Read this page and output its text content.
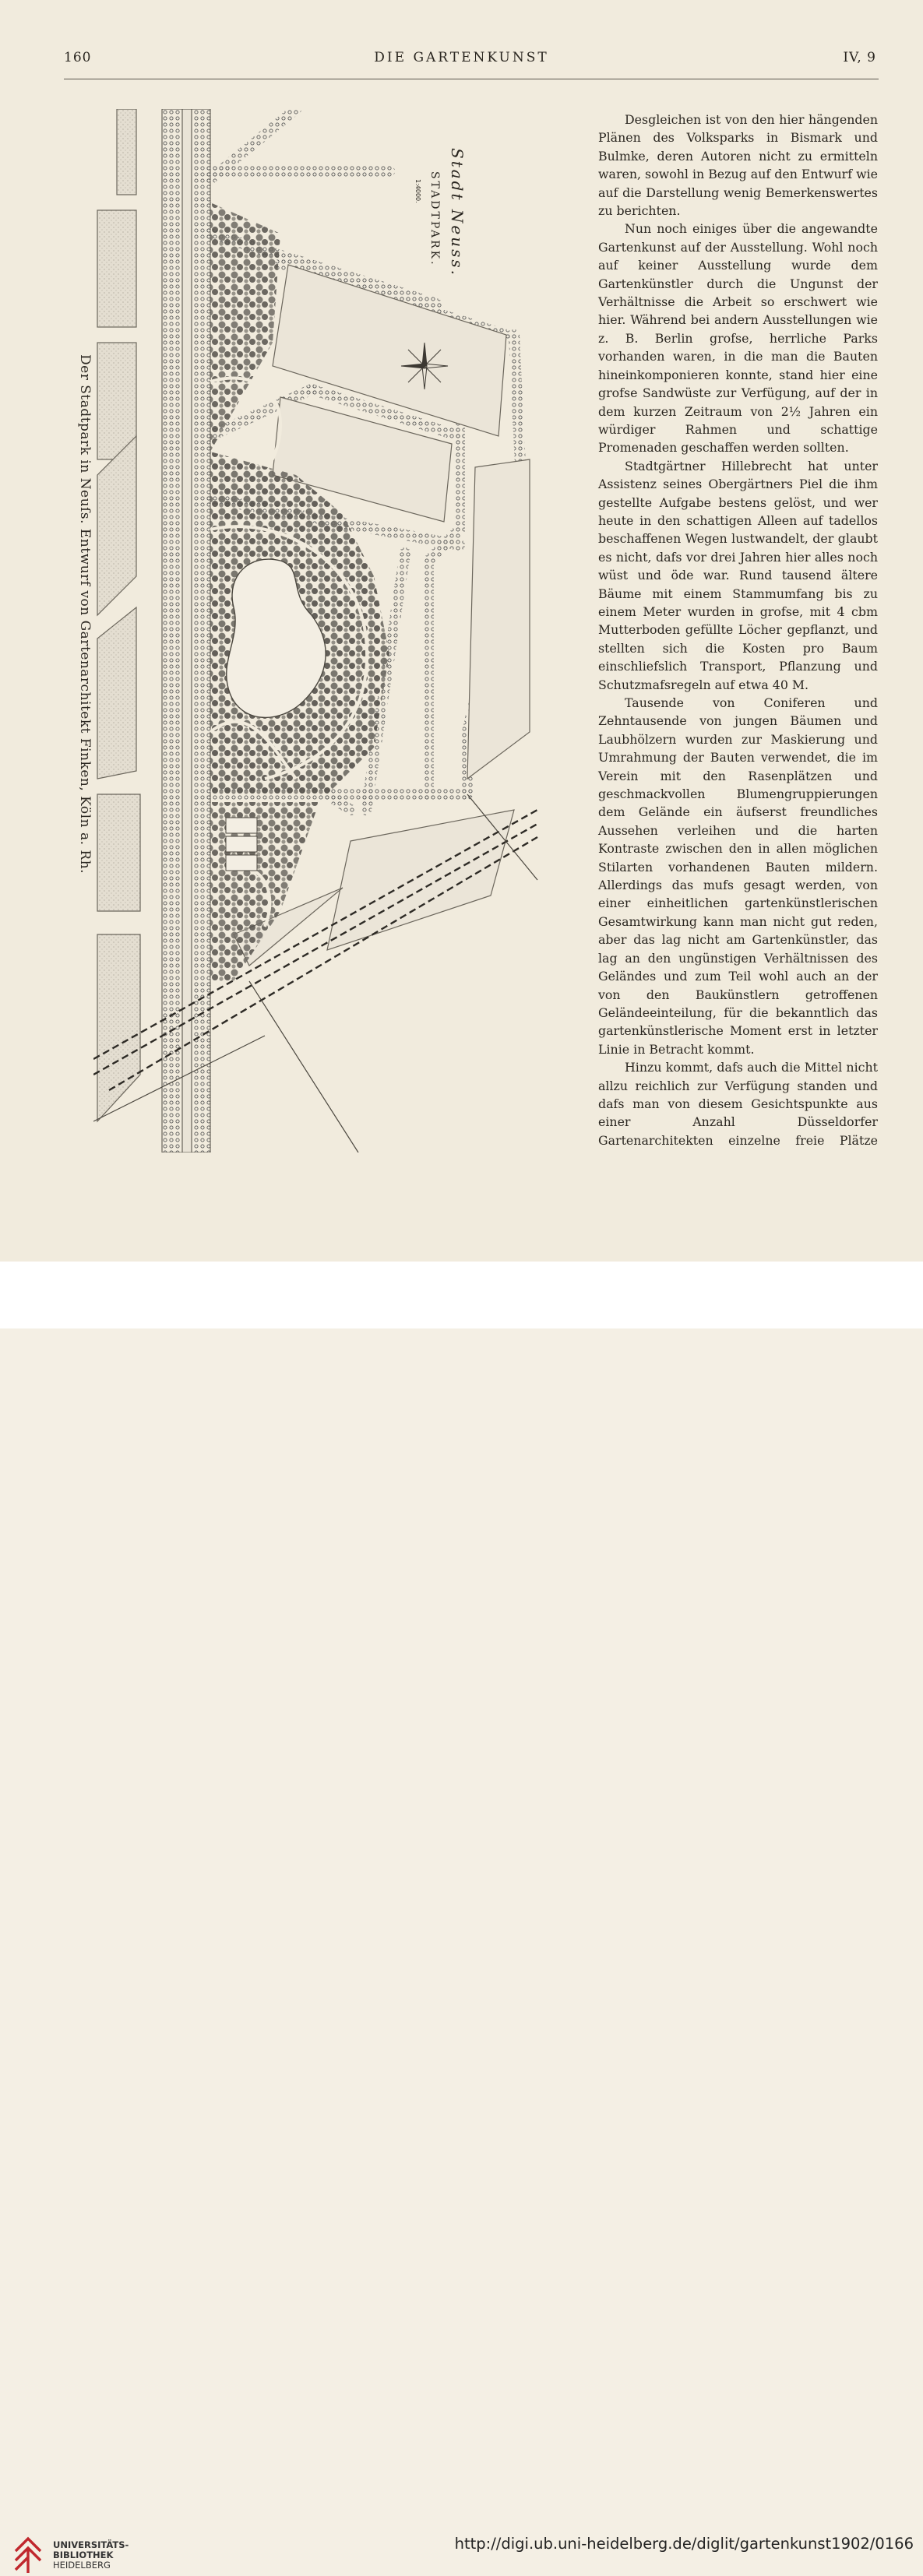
160	DIE GARTENKUNST	IV, 9
Der Stadtpark in Neuſs. Entwurf von Gartenarchitekt Finken, Köln a. Rh.
Stadt Neuss.
STADTPARK.
1:4000.

Desgleichen ist von den hier hängenden Plänen des Volksparks in Bismark und Bulmke, deren Autoren nicht zu ermitteln waren, sowohl in Bezug auf den Entwurf wie auf die Darstellung wenig Bemerkenswertes zu berichten.

Nun noch einiges über die angewandte Gartenkunst auf der Ausstellung. Wohl noch auf keiner Ausstellung wurde dem Gartenkünstler durch die Ungunst der Verhältnisse die Arbeit so erschwert wie hier. Während bei andern Ausstellungen wie z. B. Berlin grofse, herrliche Parks vorhanden waren, in die man die Bauten hineinkomponieren konnte, stand hier eine grofse Sandwüste zur Verfügung, auf der in dem kurzen Zeitraum von 2½ Jahren ein würdiger Rahmen und schattige Promenaden geschaffen werden sollten.

Stadtgärtner Hillebrecht hat unter Assistenz seines Obergärtners Piel die ihm gestellte Aufgabe bestens gelöst, und wer heute in den schattigen Alleen auf tadellos beschaffenen Wegen lustwandelt, der glaubt es nicht, dafs vor drei Jahren hier alles noch wüst und öde war. Rund tausend ältere Bäume mit einem Stammumfang bis zu einem Meter wurden in grofse, mit 4 cbm Mutterboden gefüllte Löcher gepflanzt, und stellten sich die Kosten pro Baum einschliefslich Transport, Pflanzung und Schutzmafsregeln auf etwa 40 M.

Tausende von Coniferen und Zehntausende von jungen Bäumen und Laubhölzern wurden zur Maskierung und Umrahmung der Bauten verwendet, die im Verein mit den Rasenplätzen und geschmackvollen Blumengruppierungen dem Gelände ein äufserst freundliches Aussehen verleihen und die harten Kontraste zwischen den in allen möglichen Stilarten vorhandenen Bauten mildern. Allerdings das mufs gesagt werden, von einer einheitlichen gartenkünstlerischen Gesamtwirkung kann man nicht gut reden, aber das lag nicht am Gartenkünstler, das lag an den ungünstigen Verhältnissen des Geländes und zum Teil wohl auch an der von den Baukünstlern getroffenen Geländeeinteilung, für die bekanntlich das gartenkünstlerische Moment erst in letzter Linie in Betracht kommt.

Hinzu kommt, dafs auch die Mittel nicht allzu reichlich zur Verfügung standen und dafs man von diesem Gesichtspunkte aus einer Anzahl Düsseldorfer Gartenarchitekten einzelne freie Plätze

UNIVERSITÄTS-
BIBLIOTHEK
HEIDELBERG
http://digi.ub.uni-heidelberg.de/diglit/gartenkunst1902/0166
